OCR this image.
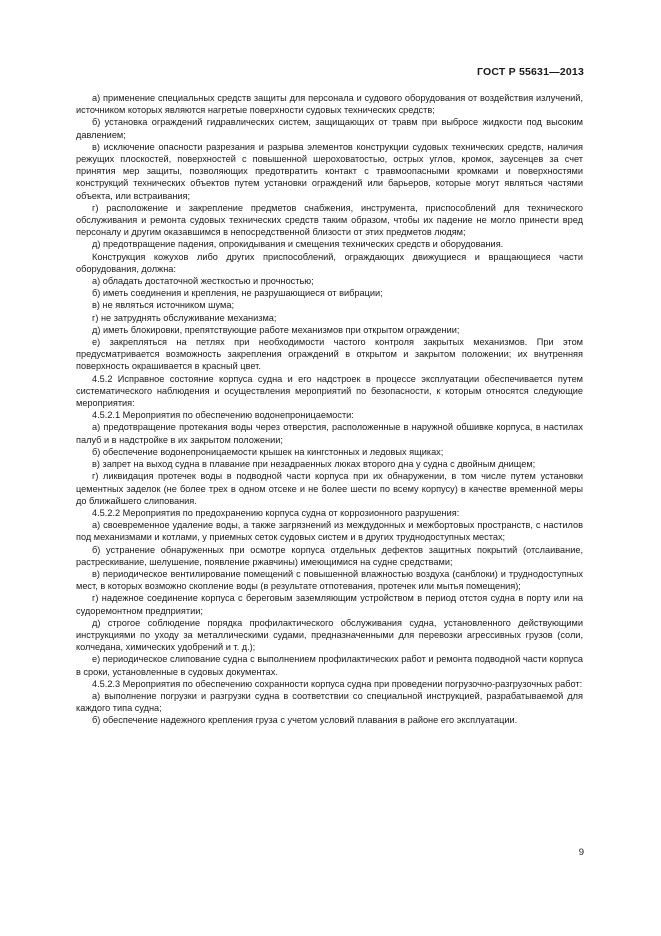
ГОСТ Р 55631—2013

а) применение специальных средств защиты для персонала и судового оборудования от воздействия излучений, источником которых являются нагретые поверхности судовых технических средств;

б) установка ограждений гидравлических систем, защищающих от травм при выбросе жидкости под высоким давлением;

в) исключение опасности разрезания и разрыва элементов конструкции судовых технических средств, наличия режущих плоскостей, поверхностей с повышенной шероховатостью, острых углов, кромок, заусенцев за счет принятия мер защиты, позволяющих предотвратить контакт с травмоопасными кромками и поверхностями конструкций технических объектов путем установки ограждений или барьеров, которые могут являться частями объекта, или встраивания;

г) расположение и закрепление предметов снабжения, инструмента, приспособлений для технического обслуживания и ремонта судовых технических средств таким образом, чтобы их падение не могло принести вред персоналу и другим оказавшимся в непосредственной близости от этих предметов людям;

д) предотвращение падения, опрокидывания и смещения технических средств и оборудования.

Конструкция кожухов либо других приспособлений, ограждающих движущиеся и вращающиеся части оборудования, должна:

а) обладать достаточной жесткостью и прочностью;

б) иметь соединения и крепления, не разрушающиеся от вибрации;

в) не являться источником шума;

г) не затруднять обслуживание механизма;

д) иметь блокировки, препятствующие работе механизмов при открытом ограждении;

е) закрепляться на петлях при необходимости частого контроля закрытых механизмов. При этом предусматривается возможность закрепления ограждений в открытом и закрытом положении; их внутренняя поверхность окрашивается в красный цвет.

4.5.2 Исправное состояние корпуса судна и его надстроек в процессе эксплуатации обеспечивается путем систематического наблюдения и осуществления мероприятий по безопасности, к которым относятся следующие мероприятия:

4.5.2.1 Мероприятия по обеспечению водонепроницаемости:

а) предотвращение протекания воды через отверстия, расположенные в наружной обшивке корпуса, в настилах палуб и в надстройке в их закрытом положении;

б) обеспечение водонепроницаемости крышек на кингстонных и ледовых ящиках;

в) запрет на выход судна в плавание при незадраенных люках второго дна у судна с двойным днищем;

г) ликвидация протечек воды в подводной части корпуса при их обнаружении, в том числе путем установки цементных заделок (не более трех в одном отсеке и не более шести по всему корпусу) в качестве временной меры до ближайшего слипования.

4.5.2.2 Мероприятия по предохранению корпуса судна от коррозионного разрушения:

а) своевременное удаление воды, а также загрязнений из междудонных и межбортовых пространств, с настилов под механизмами и котлами, у приемных сеток судовых систем и в других труднодоступных местах;

б) устранение обнаруженных при осмотре корпуса отдельных дефектов защитных покрытий (отслаивание, растрескивание, шелушение, появление ржавчины) имеющимися на судне средствами;

в) периодическое вентилирование помещений с повышенной влажностью воздуха (санблоки) и труднодоступных мест, в которых возможно скопление воды (в результате отпотевания, протечек или мытья помещения);

г) надежное соединение корпуса с береговым заземляющим устройством в период отстоя судна в порту или на судоремонтном предприятии;

д) строгое соблюдение порядка профилактического обслуживания судна, установленного действующими инструкциями по уходу за металлическими судами, предназначенными для перевозки агрессивных грузов (соли, колчедана, химических удобрений и т. д.);

е) периодическое слипование судна с выполнением профилактических работ и ремонта подводной части корпуса в сроки, установленные в судовых документах.

4.5.2.3 Мероприятия по обеспечению сохранности корпуса судна при проведении погрузочно-разгрузочных работ:

а) выполнение погрузки и разгрузки судна в соответствии со специальной инструкцией, разрабатываемой для каждого типа судна;

б) обеспечение надежного крепления груза с учетом условий плавания в районе его эксплуатации.

9
